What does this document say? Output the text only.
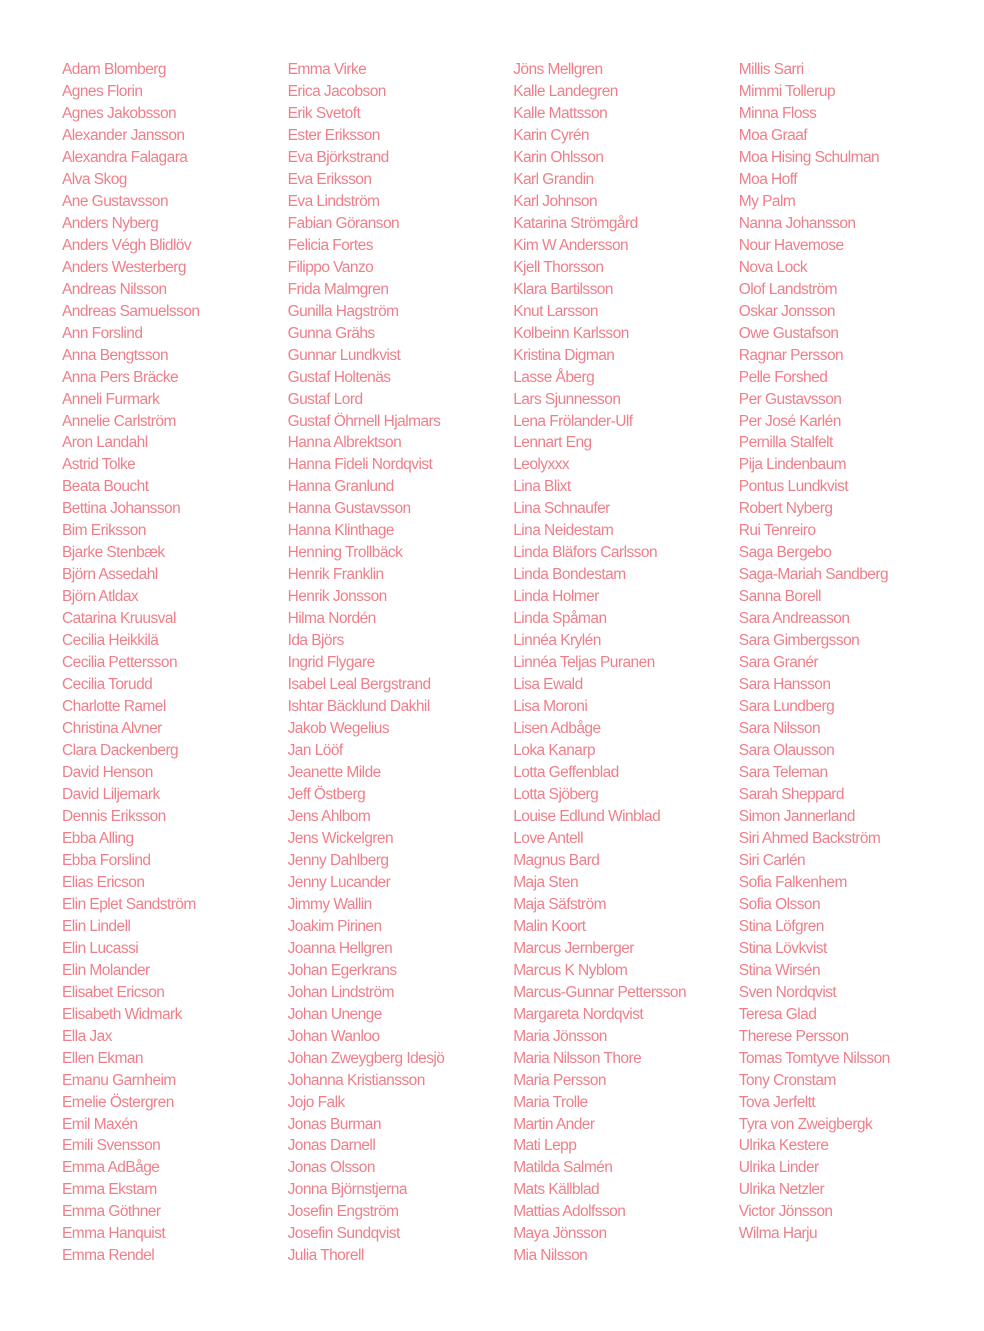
Adam Blomberg
Agnes Florin
Agnes Jakobsson
Alexander Jansson
Alexandra Falagara
Alva Skog
Ane Gustavsson
Anders Nyberg
Anders Végh Blidlöv
Anders Westerberg
Andreas Nilsson
Andreas Samuelsson
Ann Forslind
Anna Bengtsson
Anna Pers Bräcke
Anneli Furmark
Annelie Carlström
Aron Landahl
Astrid Tolke
Beata Boucht
Bettina Johansson
Bim Eriksson
Bjarke Stenbæk
Björn Assedahl
Björn Atldax
Catarina Kruusval
Cecilia Heikkilä
Cecilia Pettersson
Cecilia Torudd
Charlotte Ramel
Christina Alvner
Clara Dackenberg
David Henson
David Liljemark
Dennis Eriksson
Ebba Alling
Ebba Forslind
Elias Ericson
Elin Eplet Sandström
Elin Lindell
Elin Lucassi
Elin Molander
Elisabet Ericson
Elisabeth Widmark
Ella Jax
Ellen Ekman
Emanu Garnheim
Emelie Östergren
Emil Maxén
Emili Svensson
Emma AdBåge
Emma Ekstam
Emma Göthner
Emma Hanquist
Emma Rendel
Emma Virke
Erica Jacobson
Erik Svetoft
Ester Eriksson
Eva Björkstrand
Eva Eriksson
Eva Lindström
Fabian Göranson
Felicia Fortes
Filippo Vanzo
Frida Malmgren
Gunilla Hagström
Gunna Grähs
Gunnar Lundkvist
Gustaf Holtenäs
Gustaf Lord
Gustaf Öhrnell Hjalmars
Hanna Albrektson
Hanna Fideli Nordqvist
Hanna Granlund
Hanna Gustavsson
Hanna Klinthage
Henning Trollbäck
Henrik Franklin
Henrik Jonsson
Hilma Nordén
Ida Björs
Ingrid Flygare
Isabel Leal Bergstrand
Ishtar Bäcklund Dakhil
Jakob Wegelius
Jan Lööf
Jeanette Milde
Jeff Östberg
Jens Ahlbom
Jens Wickelgren
Jenny Dahlberg
Jenny Lucander
Jimmy Wallin
Joakim Pirinen
Joanna Hellgren
Johan Egerkrans
Johan Lindström
Johan Unenge
Johan Wanloo
Johan Zweygberg Idesjö
Johanna Kristiansson
Jojo Falk
Jonas Burman
Jonas Darnell
Jonas Olsson
Jonna Björnstjerna
Josefin Engström
Josefin Sundqvist
Julia Thorell
Jöns Mellgren
Kalle Landegren
Kalle Mattsson
Karin Cyrén
Karin Ohlsson
Karl Grandin
Karl Johnson
Katarina Strömgård
Kim W Andersson
Kjell Thorsson
Klara Bartilsson
Knut Larsson
Kolbeinn Karlsson
Kristina Digman
Lasse Åberg
Lars Sjunnesson
Lena Frölander-Ulf
Lennart Eng
Leolyxxx
Lina Blixt
Lina Schnaufer
Lina Neidestam
Linda Bläfors Carlsson
Linda Bondestam
Linda Holmer
Linda Spåman
Linnéa Krylén
Linnéa Teljas Puranen
Lisa Ewald
Lisa Moroni
Lisen Adbåge
Loka Kanarp
Lotta Geffenblad
Lotta Sjöberg
Louise Edlund Winblad
Love Antell
Magnus Bard
Maja Sten
Maja Säfström
Malin Koort
Marcus Jernberger
Marcus K Nyblom
Marcus-Gunnar Pettersson
Margareta Nordqvist
Maria Jönsson
Maria Nilsson Thore
Maria Persson
Maria Trolle
Martin Ander
Mati Lepp
Matilda Salmén
Mats Källblad
Mattias Adolfsson
Maya Jönsson
Mia Nilsson
Millis Sarri
Mimmi Tollerup
Minna Floss
Moa Graaf
Moa Hising Schulman
Moa Hoff
My Palm
Nanna Johansson
Nour Havemose
Nova Lock
Olof Landström
Oskar Jonsson
Owe Gustafson
Ragnar Persson
Pelle Forshed
Per Gustavsson
Per José Karlén
Pernilla Stalfelt
Pija Lindenbaum
Pontus Lundkvist
Robert Nyberg
Rui Tenreiro
Saga Bergebo
Saga-Mariah Sandberg
Sanna Borell
Sara Andreasson
Sara Gimbergsson
Sara Granér
Sara Hansson
Sara Lundberg
Sara Nilsson
Sara Olausson
Sara Teleman
Sarah Sheppard
Simon Jannerland
Siri Ahmed Backström
Siri Carlén
Sofia Falkenhem
Sofia Olsson
Stina Löfgren
Stina Lövkvist
Stina Wirsén
Sven Nordqvist
Teresa Glad
Therese Persson
Tomas Tomtyve Nilsson
Tony Cronstam
Tova Jerfeltt
Tyra von Zweigbergk
Ulrika Kestere
Ulrika Linder
Ulrika Netzler
Victor Jönsson
Wilma Harju
